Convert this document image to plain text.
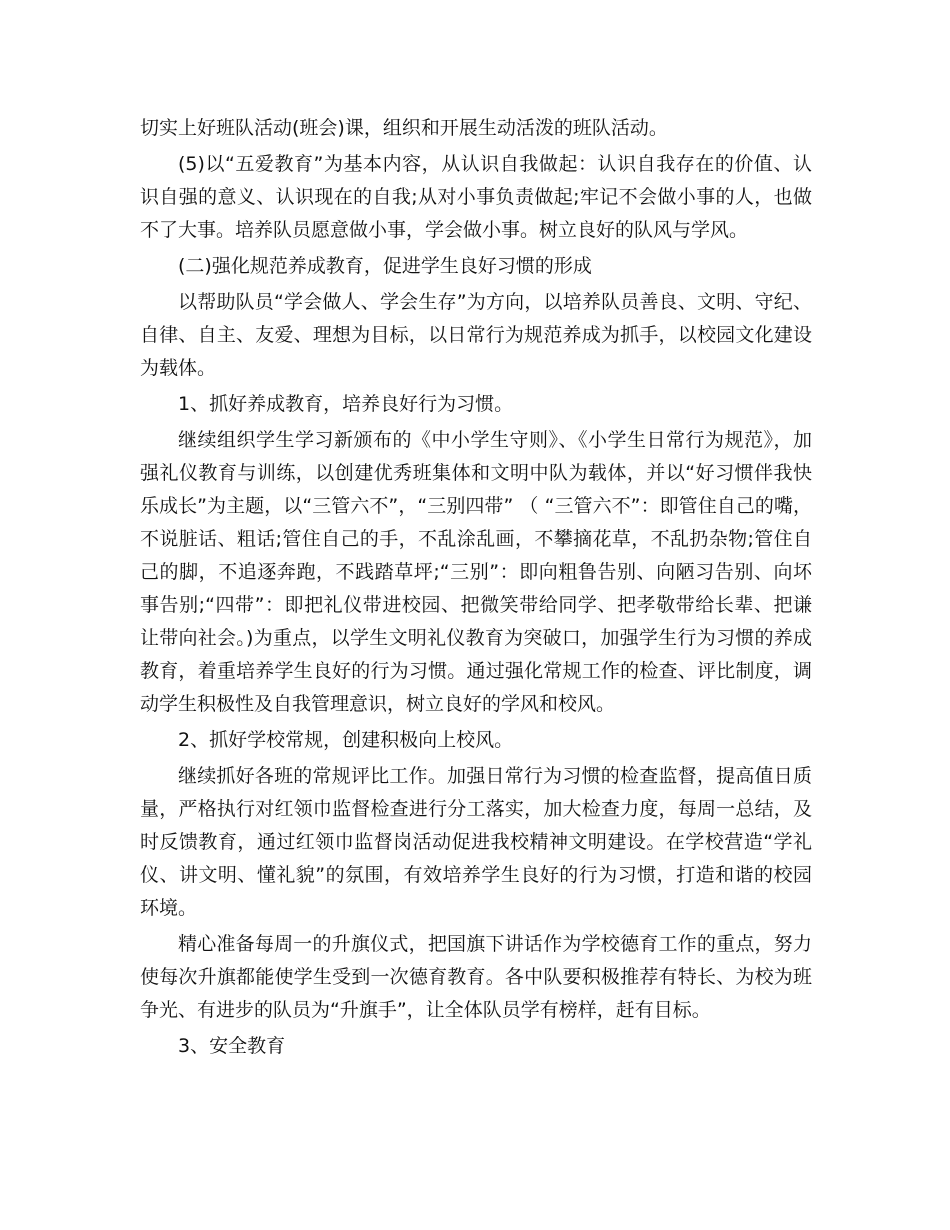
切实上好班队活动(班会)课，组织和开展生动活泼的班队活动。

(5)以“五爱教育”为基本内容，从认识自我做起：认识自我存在的价值、认识自强的意义、认识现在的自我;从对小事负责做起;牢记不会做小事的人，也做不了大事。培养队员愿意做小事，学会做小事。树立良好的队风与学风。

(二)强化规范养成教育，促进学生良好习惯的形成

以帮助队员“学会做人、学会生存”为方向，以培养队员善良、文明、守纪、自律、自主、友爱、理想为目标，以日常行为规范养成为抓手，以校园文化建设为载体。

1、抓好养成教育，培养良好行为习惯。

继续组织学生学习新颁布的《中小学生守则》、《小学生日常行为规范》，加强礼仪教育与训练，以创建优秀班集体和文明中队为载体，并以“好习惯伴我快乐成长”为主题，以“三管六不”，“三别四带” （ “三管六不”：即管住自己的嘴，不说脏话、粗话;管住自己的手，不乱涂乱画，不攀摘花草，不乱扔杂物;管住自己的脚，不追逐奔跑，不践踏草坪;“三别”：即向粗鲁告别、向陋习告别、向坏事告别;“四带”：即把礼仪带进校园、把微笑带给同学、把孝敬带给长辈、把谦让带向社会。)为重点，以学生文明礼仪教育为突破口，加强学生行为习惯的养成教育，着重培养学生良好的行为习惯。通过强化常规工作的检查、评比制度，调动学生积极性及自我管理意识，树立良好的学风和校风。

2、抓好学校常规，创建积极向上校风。

继续抓好各班的常规评比工作。加强日常行为习惯的检查监督，提高值日质量，严格执行对红领巾监督检查进行分工落实，加大检查力度，每周一总结，及时反馈教育，通过红领巾监督岗活动促进我校精神文明建设。在学校营造“学礼仪、讲文明、懂礼貌”的氛围，有效培养学生良好的行为习惯，打造和谐的校园环境。

精心准备每周一的升旗仪式，把国旗下讲话作为学校德育工作的重点，努力使每次升旗都能使学生受到一次德育教育。各中队要积极推荐有特长、为校为班争光、有进步的队员为“升旗手”，让全体队员学有榜样，赶有目标。

3、安全教育
